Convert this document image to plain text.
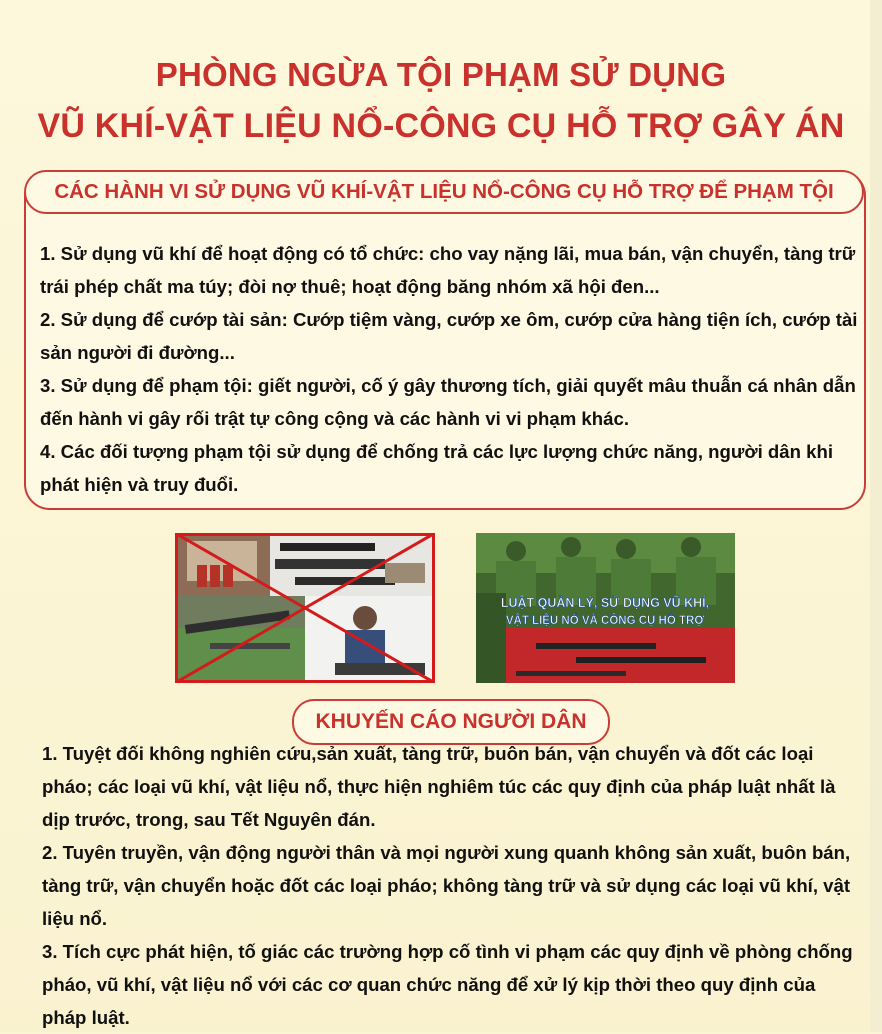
PHÒNG NGỪA TỘI PHẠM SỬ DỤNG
VŨ KHÍ-VẬT LIỆU NỔ-CÔNG CỤ HỖ TRỢ GÂY ÁN
CÁC HÀNH VI SỬ DỤNG VŨ KHÍ-VẬT LIỆU NỔ-CÔNG CỤ HỖ TRỢ ĐỂ PHẠM TỘI

1. Sử dụng vũ khí để hoạt động có tổ chức: cho vay nặng lãi, mua bán, vận chuyển, tàng trữ trái phép chất ma túy; đòi nợ thuê; hoạt động băng nhóm xã hội đen...

2. Sử dụng để cướp tài sản: Cướp tiệm vàng, cướp xe ôm, cướp cửa hàng tiện ích, cướp tài sản người đi đường...

3. Sử dụng để phạm tội: giết người, cố ý gây thương tích, giải quyết mâu thuẫn cá nhân dẫn đến hành vi gây rối trật tự công cộng và các hành vi vi phạm khác.

4. Các đối tượng phạm tội sử dụng để chống trả các lực lượng chức năng, người dân khi phát hiện và truy đuổi.

LUẬT QUẢN LÝ, SỬ DỤNG VŨ KHÍ,
VẬT LIỆU NỔ VÀ CÔNG CỤ HỖ TRỢ
KHUYẾN CÁO NGƯỜI DÂN

1. Tuyệt đối không nghiên cứu,sản xuất, tàng trữ, buôn bán, vận chuyển và đốt các loại pháo; các loại vũ khí, vật liệu nổ, thực hiện nghiêm túc các quy định của pháp luật nhất là dịp trước, trong, sau Tết Nguyên đán.

2. Tuyên truyền, vận động người thân và mọi người xung quanh không sản xuất, buôn bán, tàng trữ, vận chuyển hoặc đốt các loại pháo; không tàng trữ và sử dụng các loại vũ khí, vật liệu nổ.

3. Tích cực phát hiện, tố giác các trường hợp cố tình vi phạm các quy định về phòng chống pháo, vũ khí, vật liệu nổ với các cơ quan chức năng để xử lý kịp thời theo quy định của pháp luật.
